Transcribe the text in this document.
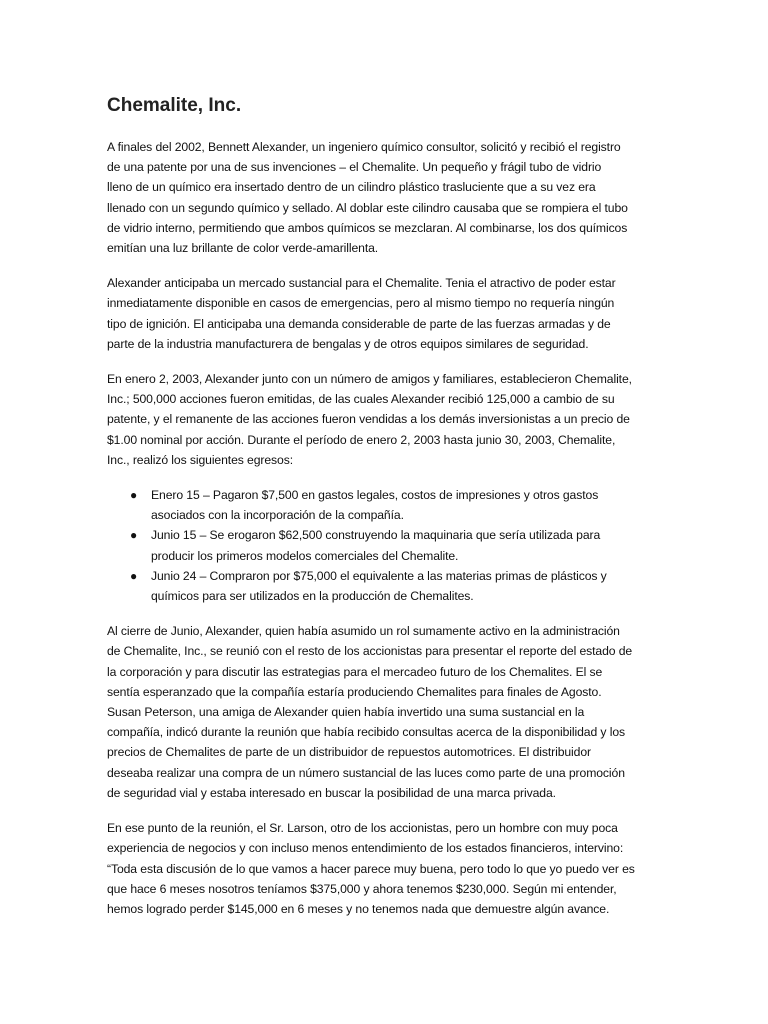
Chemalite, Inc.

A finales del 2002, Bennett Alexander, un ingeniero químico consultor, solicitó y recibió el registro
de una patente por una de sus invenciones – el Chemalite. Un pequeño y frágil tubo de vidrio
lleno de un químico era insertado dentro de un cilindro plástico trasluciente que a su vez era
llenado con un segundo químico y sellado. Al doblar este cilindro causaba que se rompiera el tubo
de vidrio interno, permitiendo que ambos químicos se mezclaran. Al combinarse, los dos químicos
emitían una luz brillante de color verde-amarillenta.

Alexander anticipaba un mercado sustancial para el Chemalite. Tenia el atractivo de poder estar
inmediatamente disponible en casos de emergencias, pero al mismo tiempo no requería ningún
tipo de ignición. El anticipaba una demanda considerable de parte de las fuerzas armadas y de
parte de la industria manufacturera de bengalas y de otros equipos similares de seguridad.

En enero 2, 2003, Alexander junto con un número de amigos y familiares, establecieron Chemalite,
Inc.; 500,000 acciones fueron emitidas, de las cuales Alexander recibió 125,000 a cambio de su
patente, y el remanente de las acciones fueron vendidas a los demás inversionistas a un precio de
$1.00 nominal por acción. Durante el período de enero 2, 2003 hasta junio 30, 2003, Chemalite,
Inc., realizó los siguientes egresos:

● Enero 15 – Pagaron $7,500 en gastos legales, costos de impresiones y otros gastos
asociados con la incorporación de la compañía.
● Junio 15 – Se erogaron $62,500 construyendo la maquinaria que sería utilizada para
producir los primeros modelos comerciales del Chemalite.
● Junio 24 – Compraron por $75,000 el equivalente a las materias primas de plásticos y
químicos para ser utilizados en la producción de Chemalites.

Al cierre de Junio, Alexander, quien había asumido un rol sumamente activo en la administración
de Chemalite, Inc., se reunió con el resto de los accionistas para presentar el reporte del estado de
la corporación y para discutir las estrategias para el mercadeo futuro de los Chemalites. El se
sentía esperanzado que la compañía estaría produciendo Chemalites para finales de Agosto.
Susan Peterson, una amiga de Alexander quien había invertido una suma sustancial en la
compañía, indicó durante la reunión que había recibido consultas acerca de la disponibilidad y los
precios de Chemalites de parte de un distribuidor de repuestos automotrices. El distribuidor
deseaba realizar una compra de un número sustancial de las luces como parte de una promoción
de seguridad vial y estaba interesado en buscar la posibilidad de una marca privada.

En ese punto de la reunión, el Sr. Larson, otro de los accionistas, pero un hombre con muy poca
experiencia de negocios y con incluso menos entendimiento de los estados financieros, intervino:
“Toda esta discusión de lo que vamos a hacer parece muy buena, pero todo lo que yo puedo ver es
que hace 6 meses nosotros teníamos $375,000 y ahora tenemos $230,000. Según mi entender,
hemos logrado perder $145,000 en 6 meses y no tenemos nada que demuestre algún avance.
